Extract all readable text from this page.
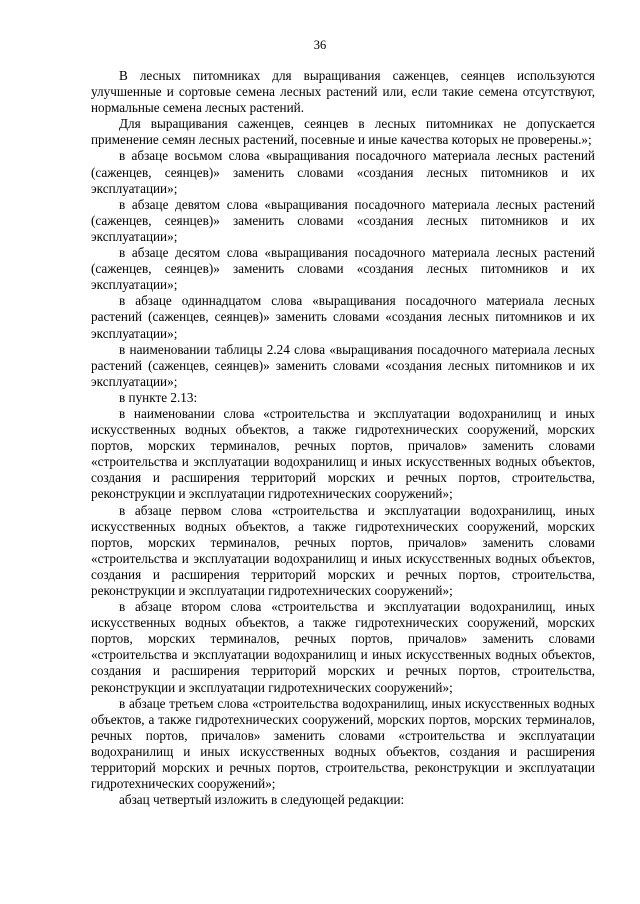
36

В лесных питомниках для выращивания саженцев, сеянцев используются улучшенные и сортовые семена лесных растений или, если такие семена отсутствуют, нормальные семена лесных растений.

Для выращивания саженцев, сеянцев в лесных питомниках не допускается применение семян лесных растений, посевные и иные качества которых не проверены.»;

в абзаце восьмом слова «выращивания посадочного материала лесных растений (саженцев, сеянцев)» заменить словами «создания лесных питомников и их эксплуатации»;

в абзаце девятом слова «выращивания посадочного материала лесных растений (саженцев, сеянцев)» заменить словами «создания лесных питомников и их эксплуатации»;

в абзаце десятом слова «выращивания посадочного материала лесных растений (саженцев, сеянцев)» заменить словами «создания лесных питомников и их эксплуатации»;

в абзаце одиннадцатом слова «выращивания посадочного материала лесных растений (саженцев, сеянцев)» заменить словами «создания лесных питомников и их эксплуатации»;

в наименовании таблицы 2.24 слова «выращивания посадочного материала лесных растений (саженцев, сеянцев)» заменить словами «создания лесных питомников и их эксплуатации»;

в пункте 2.13:

в наименовании слова «строительства и эксплуатации водохранилищ и иных искусственных водных объектов, а также гидротехнических сооружений, морских портов, морских терминалов, речных портов, причалов» заменить словами «строительства и эксплуатации водохранилищ и иных искусственных водных объектов, создания и расширения территорий морских и речных портов, строительства, реконструкции и эксплуатации гидротехнических сооружений»;

в абзаце первом слова «строительства и эксплуатации водохранилищ, иных искусственных водных объектов, а также гидротехнических сооружений, морских портов, морских терминалов, речных портов, причалов» заменить словами «строительства и эксплуатации водохранилищ и иных искусственных водных объектов, создания и расширения территорий морских и речных портов, строительства, реконструкции и эксплуатации гидротехнических сооружений»;

в абзаце втором слова «строительства и эксплуатации водохранилищ, иных искусственных водных объектов, а также гидротехнических сооружений, морских портов, морских терминалов, речных портов, причалов» заменить словами «строительства и эксплуатации водохранилищ и иных искусственных водных объектов, создания и расширения территорий морских и речных портов, строительства, реконструкции и эксплуатации гидротехнических сооружений»;

в абзаце третьем слова «строительства водохранилищ, иных искусственных водных объектов, а также гидротехнических сооружений, морских портов, морских терминалов, речных портов, причалов» заменить словами «строительства и эксплуатации водохранилищ и иных искусственных водных объектов, создания и расширения территорий морских и речных портов, строительства, реконструкции и эксплуатации гидротехнических сооружений»;

абзац четвертый изложить в следующей редакции:
